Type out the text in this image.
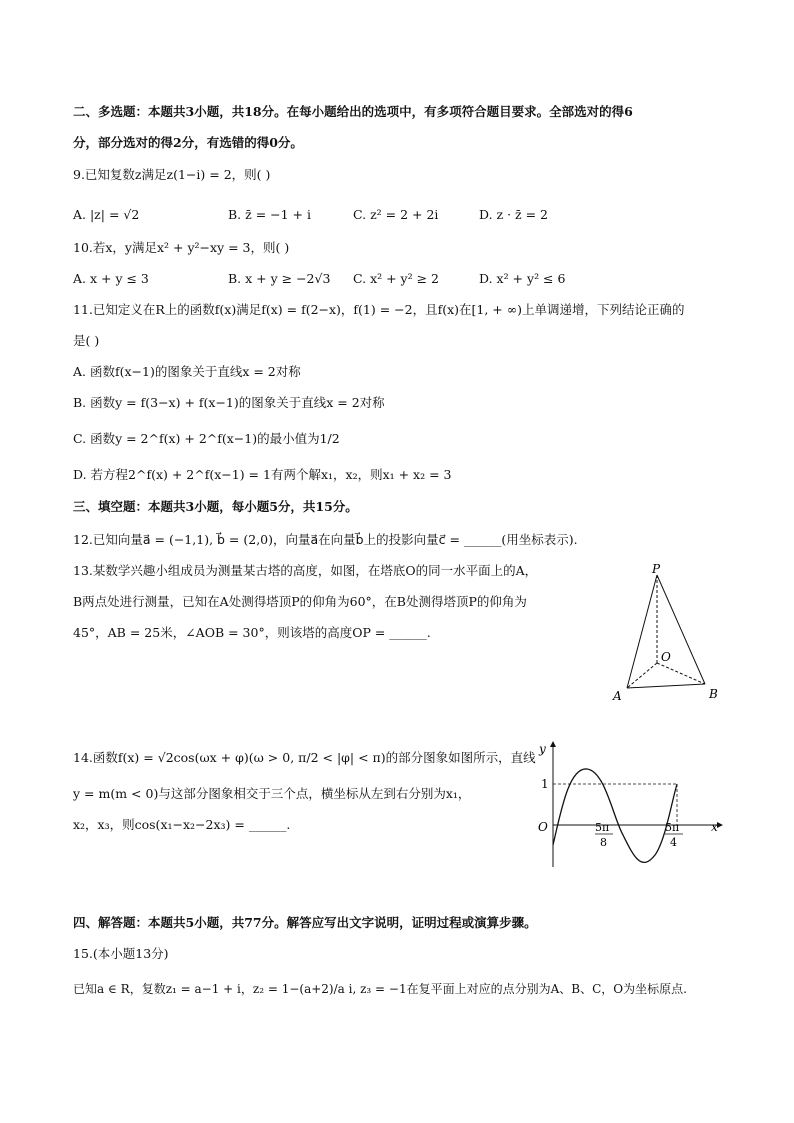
二、多选题：本题共3小题，共18分。在每小题给出的选项中，有多项符合题目要求。全部选对的得6
分，部分选对的得2分，有选错的得0分。
9.已知复数z满足z(1−i) = 2，则( )
A. |z| = √2	B. z̄ = −1 + i	C. z² = 2 + 2i	D. z · z̄ = 2
10.若x，y满足x² + y²−xy = 3，则( )
A. x + y ≤ 3	B. x + y ≥ −2√3 C. x² + y² ≥ 2	D. x² + y² ≤ 6
11.已知定义在R上的函数f(x)满足f(x) = f(2−x)，f(1) = −2，且f(x)在[1, + ∞)上单调递增，下列结论正确的
是( )
A. 函数f(x−1)的图象关于直线x = 2对称
B. 函数y = f(3−x) + f(x−1)的图象关于直线x = 2对称
C. 函数y = 2^f(x) + 2^f(x−1)的最小值为1/2
D. 若方程2^f(x) + 2^f(x−1) = 1有两个解x₁，x₂，则x₁ + x₂ = 3
三、填空题：本题共3小题，每小题5分，共15分。
12.已知向量a⃗ = (−1,1), b⃗ = (2,0)，向量a⃗在向量b⃗上的投影向量c⃗ = ______(用坐标表示).
13.某数学兴趣小组成员为测量某古塔的高度，如图，在塔底O的同一水平面上的A，
B两点处进行测量，已知在A处测得塔顶P的仰角为60°，在B处测得塔顶P的仰角为
45°，AB = 25米，∠AOB = 30°，则该塔的高度OP = ______.
P
O
A	B
14.函数f(x) = √2cos(ωx + φ)(ω > 0, π/2 < |φ| < π)的部分图象如图所示，直线
y = m(m < 0)与这部分图象相交于三个点，横坐标从左到右分别为x₁，
x₂，x₃，则cos(x₁−x₂−2x₃) = ______.
y
x
O
1
5π
8
5π
4
四、解答题：本题共5小题，共77分。解答应写出文字说明，证明过程或演算步骤。
15.(本小题13分)
已知a ∈ R，复数z₁ = a−1 + i，z₂ = 1−(a+2)/a i, z₃ = −1在复平面上对应的点分别为A、B、C，O为坐标原点.
